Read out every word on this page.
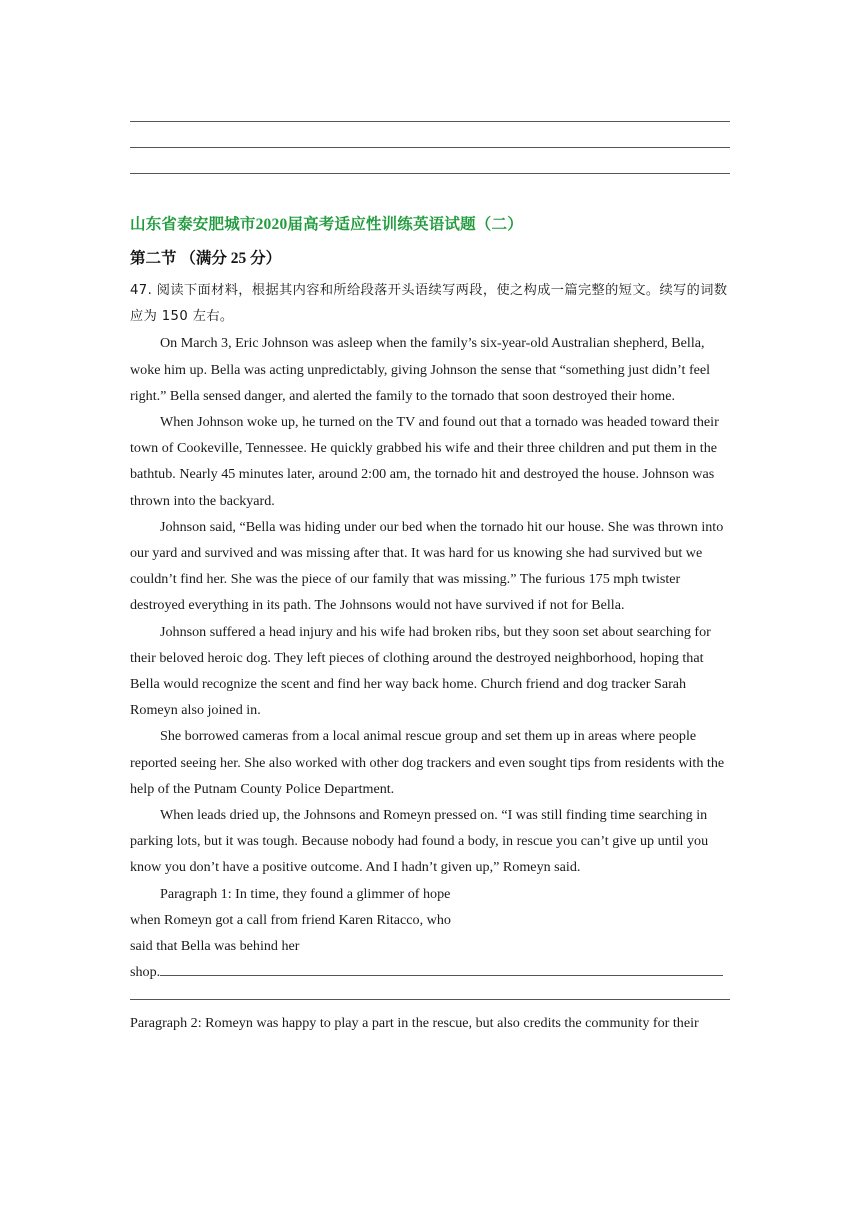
山东省泰安肥城市2020届高考适应性训练英语试题（二）
第二节 （满分 25 分）

47. 阅读下面材料，根据其内容和所给段落开头语续写两段，使之构成一篇完整的短文。续写的词数应为 150 左右。

On March 3, Eric Johnson was asleep when the family’s six-year-old Australian shepherd, Bella, woke him up. Bella was acting unpredictably, giving Johnson the sense that “something just didn’t feel right.” Bella sensed danger, and alerted the family to the tornado that soon destroyed their home.

When Johnson woke up, he turned on the TV and found out that a tornado was headed toward their town of Cookeville, Tennessee. He quickly grabbed his wife and their three children and put them in the bathtub. Nearly 45 minutes later, around 2:00 am, the tornado hit and destroyed the house. Johnson was thrown into the backyard.

Johnson said, “Bella was hiding under our bed when the tornado hit our house. She was thrown into our yard and survived and was missing after that. It was hard for us knowing she had survived but we couldn’t find her. She was the piece of our family that was missing.” The furious 175 mph twister destroyed everything in its path. The Johnsons would not have survived if not for Bella.

Johnson suffered a head injury and his wife had broken ribs, but they soon set about searching for their beloved heroic dog. They left pieces of clothing around the destroyed neighborhood, hoping that Bella would recognize the scent and find her way back home. Church friend and dog tracker Sarah Romeyn also joined in.

She borrowed cameras from a local animal rescue group and set them up in areas where people reported seeing her. She also worked with other dog trackers and even sought tips from residents with the help of the Putnam County Police Department.

When leads dried up, the Johnsons and Romeyn pressed on. “I was still finding time searching in parking lots, but it was tough. Because nobody had found a body, in rescue you can’t give up until you know you don’t have a positive outcome. And I hadn’t given up,” Romeyn said.

Paragraph 1: In time, they found a glimmer of hope when Romeyn got a call from friend Karen Ritacco, who said that Bella was behind her

shop.

Paragraph 2: Romeyn was happy to play a part in the rescue, but also credits the community for their
